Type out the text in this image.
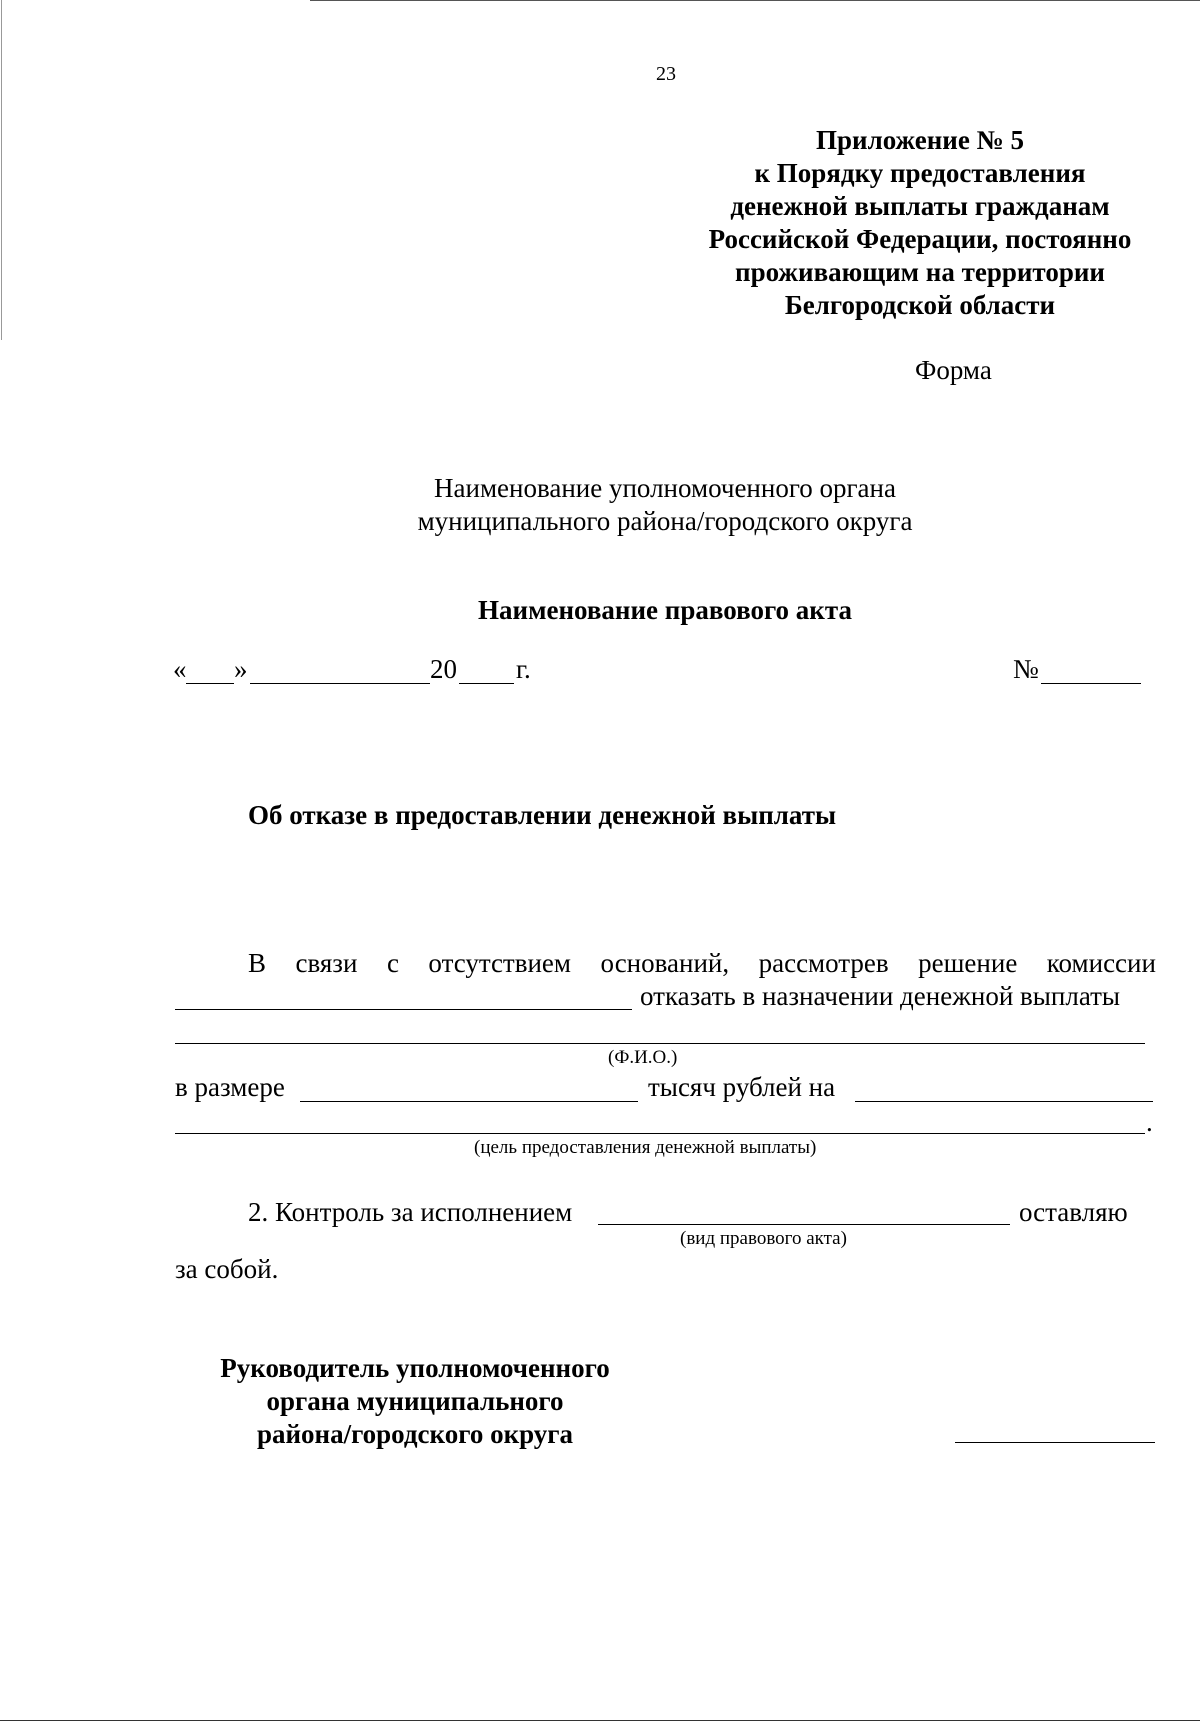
23
Приложение № 5
к Порядку предоставления
денежной выплаты гражданам
Российской Федерации, постоянно
проживающим на территории
Белгородской области
Форма
Наименование уполномоченного органа
муниципального района/городского округа
Наименование правового акта
« »	20 г.	№
Об отказе в предоставлении денежной выплаты
В связи с отсутствием оснований, рассмотрев решение комиссии
отказать в назначении денежной выплаты
(Ф.И.О.)
в размере	тысяч рублей на
.
(цель предоставления денежной выплаты)
2. Контроль за исполнением	оставляю
(вид правового акта)
за собой.
Руководитель уполномоченного
органа муниципального
района/городского округа
